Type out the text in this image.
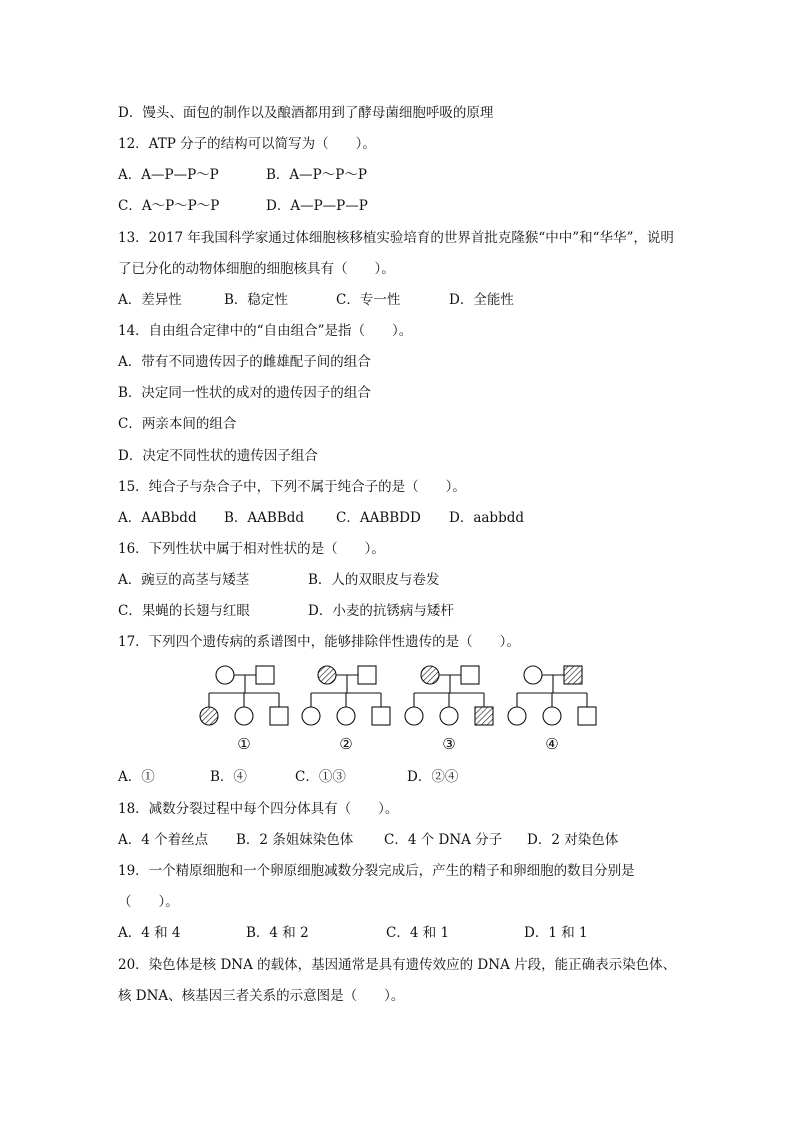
D．馒头、面包的制作以及酿酒都用到了酵母菌细胞呼吸的原理
12．ATP 分子的结构可以简写为（　　）。
A．A—P—P～P	B．A—P～P～P
C．A～P～P～P	D．A—P—P—P
13．2017 年我国科学家通过体细胞核移植实验培育的世界首批克隆猴“中中”和“华华”，说明
了已分化的动物体细胞的细胞核具有（　　）。
A．差异性	B．稳定性	C．专一性	D．全能性
14．自由组合定律中的“自由组合”是指（　　）。
A．带有不同遗传因子的雌雄配子间的组合
B．决定同一性状的成对的遗传因子的组合
C．两亲本间的组合
D．决定不同性状的遗传因子组合
15．纯合子与杂合子中，下列不属于纯合子的是（　　）。
A．AABbdd B．AABBdd C．AABBDD D．aabbdd
16．下列性状中属于相对性状的是（　　）。
A．豌豆的高茎与矮茎	B．人的双眼皮与卷发
C．果蝇的长翅与红眼	D．小麦的抗锈病与矮杆
17．下列四个遗传病的系谱图中，能够排除伴性遗传的是（　　）。
①	②	③	④
A．①	B．④	C．①③	D．②④
18．减数分裂过程中每个四分体具有（　　）。
A．4 个着丝点 B．2 条姐妹染色体 C．4 个 DNA 分子 D．2 对染色体
19．一个精原细胞和一个卵原细胞减数分裂完成后，产生的精子和卵细胞的数目分别是
（　　）。
A．4 和 4	B．4 和 2	C．4 和 1	D．1 和 1
20．染色体是核 DNA 的载体，基因通常是具有遗传效应的 DNA 片段，能正确表示染色体、
核 DNA、核基因三者关系的示意图是（　　）。
